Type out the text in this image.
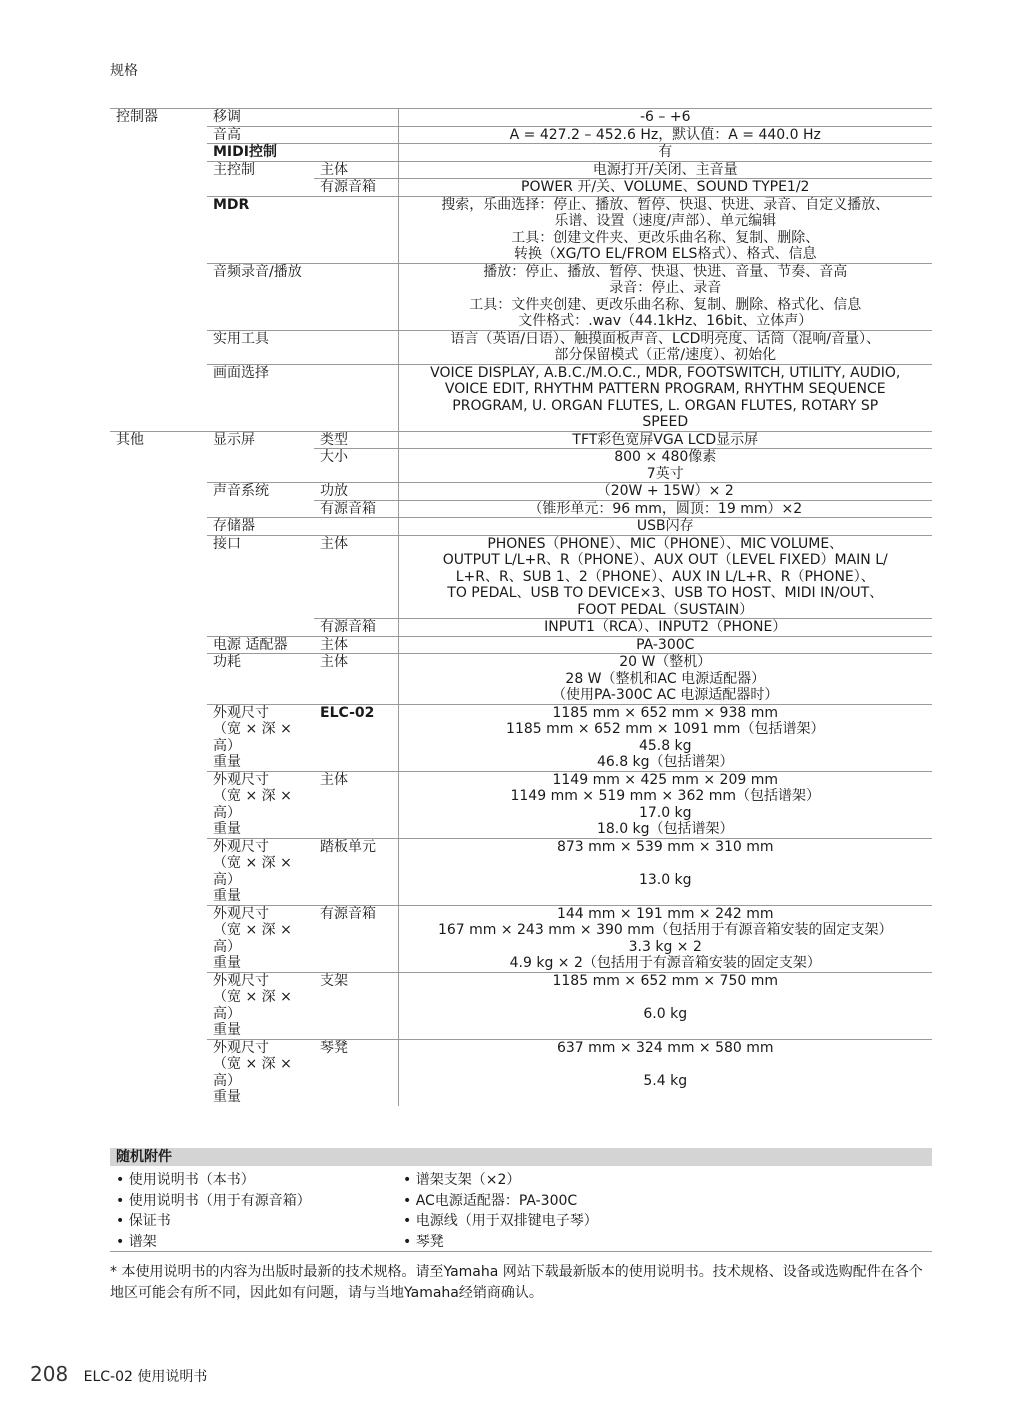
规格
控制器	移调		-6 – +6
	音高		A = 427.2 – 452.6 Hz，默认值：A = 440.0 Hz
	MIDI控制		有
	主控制	主体	电源打开/关闭、主音量
		有源音箱	POWER 开/关、VOLUME、SOUND TYPE1/2
	MDR		搜索，乐曲选择：停止、播放、暂停、快退、快进、录音、自定义播放、
乐谱、设置（速度/声部）、单元编辑
工具：创建文件夹、更改乐曲名称、复制、删除、
转换（XG/TO EL/FROM ELS格式）、格式、信息
	音频录音/播放		播放：停止、播放、暂停、快退、快进、音量、节奏、音高
录音：停止、录音
工具：文件夹创建、更改乐曲名称、复制、删除、格式化、信息
文件格式：.wav（44.1kHz、16bit、立体声）
	实用工具		语言（英语/日语）、触摸面板声音、LCD明亮度、话筒（混响/音量）、
部分保留模式（正常/速度）、初始化
	画面选择		VOICE DISPLAY, A.B.C./M.O.C., MDR, FOOTSWITCH, UTILITY, AUDIO,
VOICE EDIT, RHYTHM PATTERN PROGRAM, RHYTHM SEQUENCE
PROGRAM, U. ORGAN FLUTES, L. ORGAN FLUTES, ROTARY SP
SPEED
其他	显示屏	类型	TFT彩色宽屏VGA LCD显示屏
		大小	800 × 480像素
7英寸
	声音系统	功放	（20W + 15W）× 2
		有源音箱	（锥形单元：96 mm，圆顶：19 mm）×2
	存储器		USB闪存
	接口	主体	PHONES（PHONE）、MIC（PHONE）、MIC VOLUME、
OUTPUT L/L+R、R（PHONE）、AUX OUT（LEVEL FIXED）MAIN L/
L+R、R、SUB 1、2（PHONE）、AUX IN L/L+R、R（PHONE）、
TO PEDAL、USB TO DEVICE×3、USB TO HOST、MIDI IN/OUT、
FOOT PEDAL（SUSTAIN）
		有源音箱	INPUT1（RCA）、INPUT2（PHONE）
	电源 适配器	主体	PA-300C
	功耗	主体	20 W（整机）
28 W（整机和AC 电源适配器）
（使用PA-300C AC 电源适配器时）
	外观尺寸
（宽 × 深 × 高）
重量	ELC-02	1185 mm × 652 mm × 938 mm
1185 mm × 652 mm × 1091 mm（包括谱架）
45.8 kg
46.8 kg（包括谱架）
	外观尺寸
（宽 × 深 × 高）
重量	主体	1149 mm × 425 mm × 209 mm
1149 mm × 519 mm × 362 mm（包括谱架）
17.0 kg
18.0 kg（包括谱架）
	外观尺寸
（宽 × 深 × 高）
重量	踏板单元	873 mm × 539 mm × 310 mm

13.0 kg
	外观尺寸
（宽 × 深 × 高）
重量	有源音箱	144 mm × 191 mm × 242 mm
167 mm × 243 mm × 390 mm（包括用于有源音箱安装的固定支架）
3.3 kg × 2
4.9 kg × 2（包括用于有源音箱安装的固定支架）
	外观尺寸
（宽 × 深 × 高）
重量	支架	1185 mm × 652 mm × 750 mm

6.0 kg
	外观尺寸
（宽 × 深 × 高）
重量	琴凳	637 mm × 324 mm × 580 mm

5.4 kg
随机附件
• 使用说明书（本书）
• 使用说明书（用于有源音箱）
• 保证书
• 谱架
• 谱架支架（×2）
• AC电源适配器：PA-300C
• 电源线（用于双排键电子琴）
• 琴凳
* 本使用说明书的内容为出版时最新的技术规格。请至Yamaha 网站下载最新版本的使用说明书。技术规格、设备或选购配件在各个地区可能会有所不同，因此如有问题，请与当地Yamaha经销商确认。
208 ELC-02 使用说明书
